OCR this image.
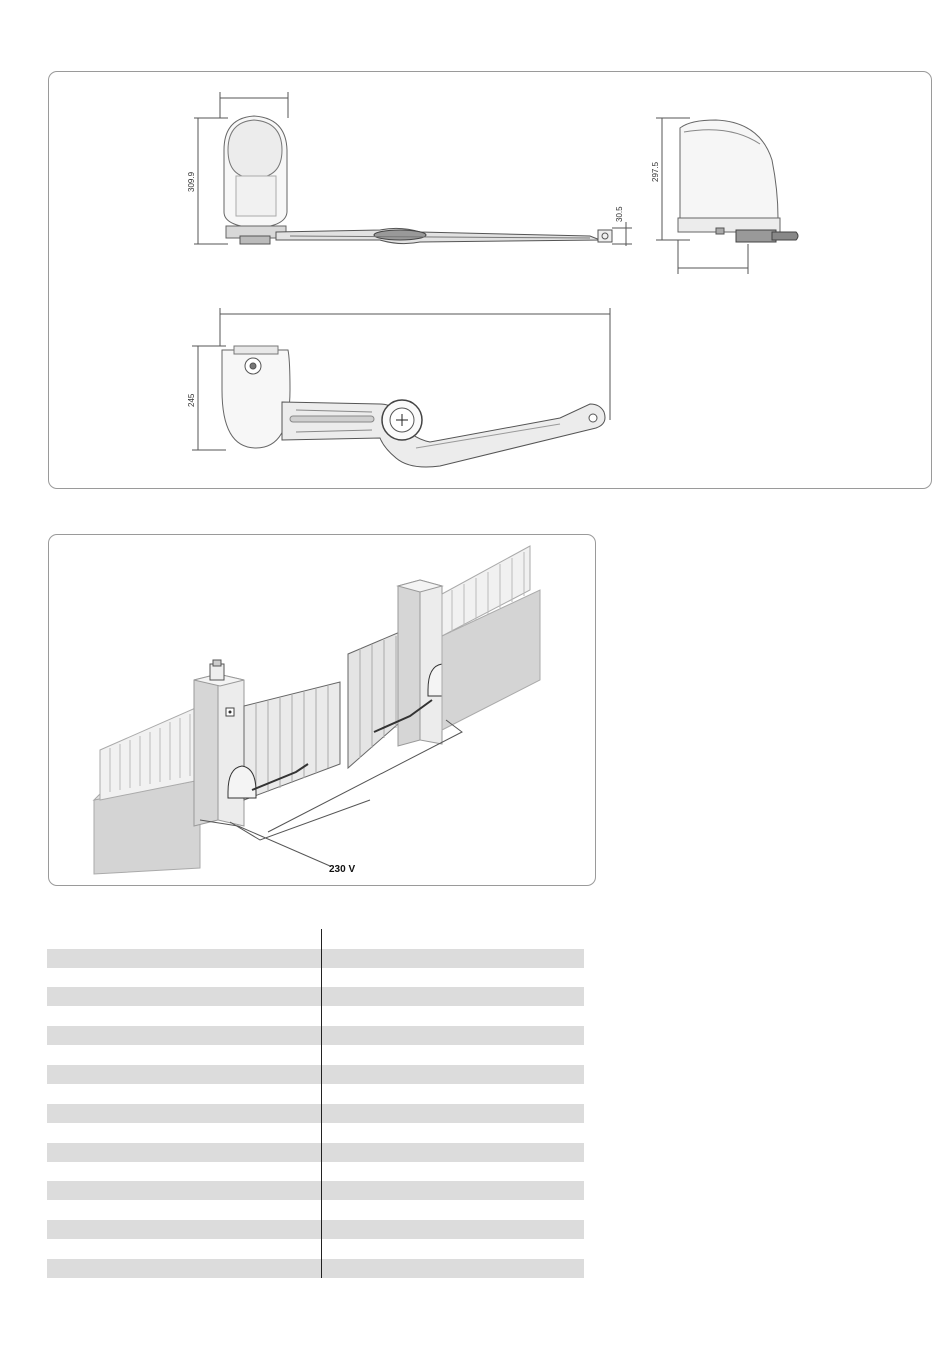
309.9
30.5
297.5
245
230 V
